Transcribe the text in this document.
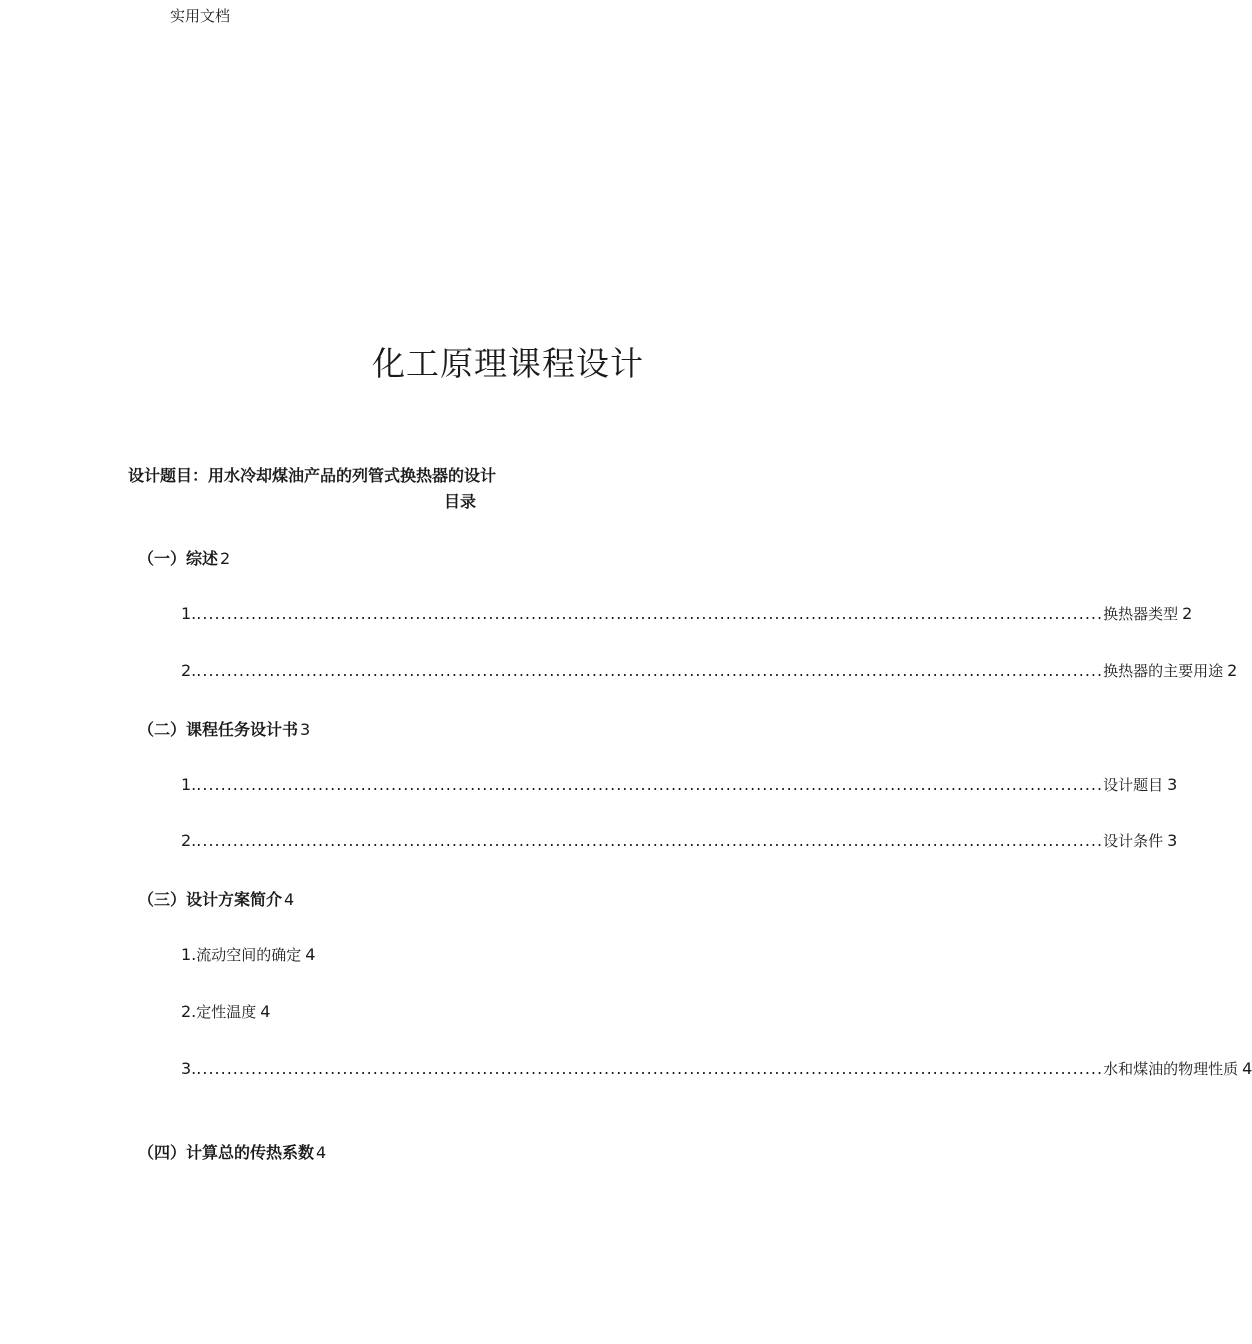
实用文档
化工原理课程设计
设计题目：用水冷却煤油产品的列管式换热器的设计
目录
（一）综述 2
1. ..................................................................................................................................................... 换热器类型 2
2. ..................................................................................................................................................... 换热器的主要用途 2
（二）课程任务设计书 3
1. ..................................................................................................................................................... 设计题目 3
2. ..................................................................................................................................................... 设计条件 3
（三）设计方案简介 4
1. 流动空间的确定 4
2. 定性温度 4
3. ..................................................................................................................................................... 水和煤油的物理性质 4
（四）计算总的传热系数 4
